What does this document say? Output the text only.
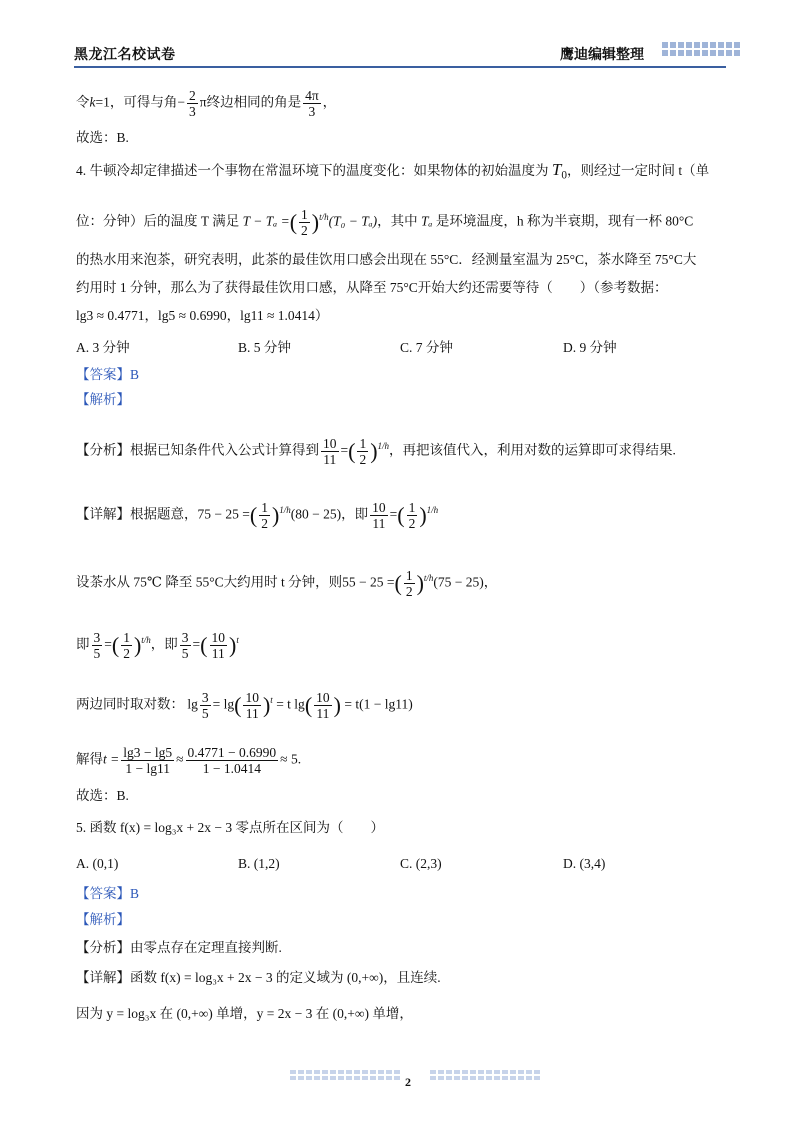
黑龙江名校试卷	鹰迪编辑整理
令k=1，可得与角− $\frac{2}{3}$ π终边相同的角是 $\frac{4\pi}{3}$ ，
故选：B.
4. 牛顿冷却定律描述一个事物在常温环境下的温度变化：如果物体的初始温度为 $T_0$，则经过一定时间 t（单
位：分钟）后的温度 T 满足 T − Tₐ =( $\frac{1}{2} )^{t/h}(T_0 - T_a)$，其中 Tₐ 是环境温度，h 称为半衰期，现有一杯 80°C
的热水用来泡茶，研究表明，此茶的最佳饮用口感会出现在 55°C．经测量室温为 25°C，茶水降至 75°C大
约用时 1 分钟，那么为了获得最佳饮用口感，从降至 75°C开始大约还需要等待（　　）（参考数据：
lg3 ≈ 0.4771，lg5 ≈ 0.6990，lg11 ≈ 1.0414）
A. 3 分钟	B. 5 分钟	C. 7 分钟	D. 9 分钟
【答案】B
【解析】
【分析】根据已知条件代入公式计算得到 $\frac{10}{11}$ =( $\frac{1}{2} )^{1/h}$，再把该值代入，利用对数的运算即可求得结果.
【详解】根据题意，75 − 25 =( $\frac{1}{2} )^{1/h}(80 - 25)$，即 $\frac{10}{11}$ =( $\frac{1}{2} )^{1/h}$
设茶水从 75℃ 降至 55°C大约用时 t 分钟，则55 − 25 =( $\frac{1}{2} )^{t/h}(75 - 25)$，
即 $\frac{3}{5}$ =( $\frac{1}{2} )^{t/h}$，即 $\frac{3}{5}$ =( $\frac{10}{11} )^t$
两边同时取对数： $\lg \frac{3}{5} = \lg( \frac{10}{11} )^t = t$ $\lg( \frac{10}{11}$ ) = t(1 − lg11)
解得$t = \frac{\lg 3 - \lg 5}{1 - \lg 11} \approx \frac{0.4771 - 0.6990}{1 - 1.0414} \approx 5$.
故选：B.
5. 函数 f(x) = log₃x + 2x − 3 零点所在区间为（　　）
A. (0,1)	B. (1,2)	C. (2,3)	D. (3,4)
【答案】B
【解析】
【分析】由零点存在定理直接判断.
【详解】函数 f(x) = log₃x + 2x − 3 的定义域为 (0,+∞)，且连续.
因为 y = log₃x 在 (0,+∞) 单增，y = 2x − 3 在 (0,+∞) 单增，
2
